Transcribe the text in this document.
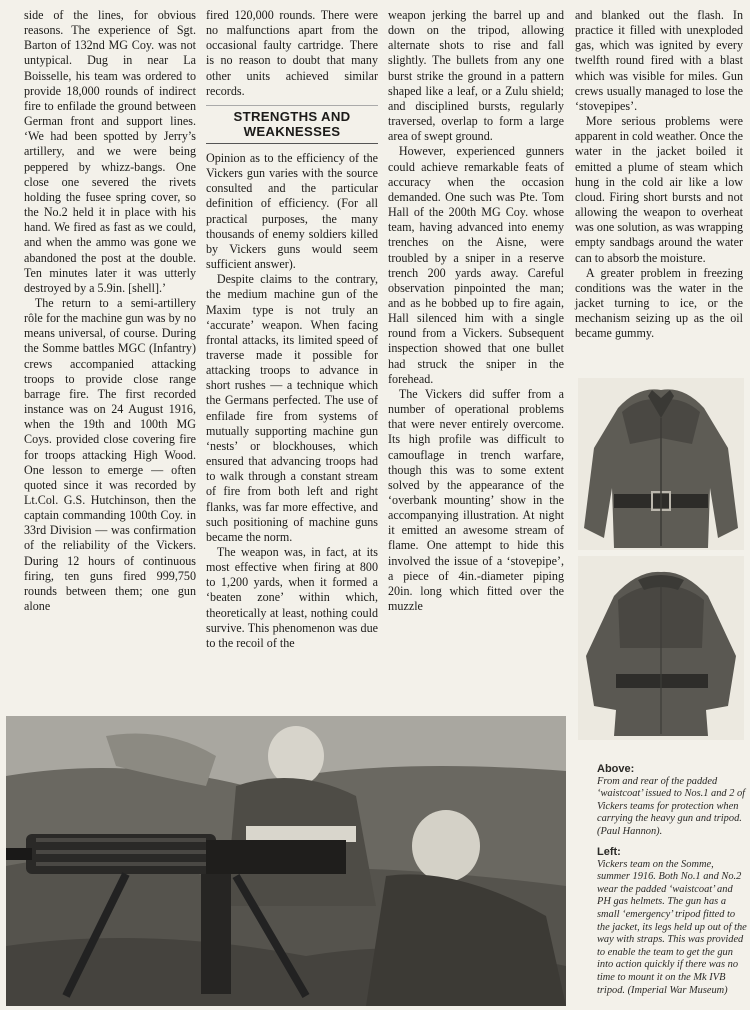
side of the lines, for obvious reasons. The experience of Sgt. Barton of 132nd MG Coy. was not untypical. Dug in near La Boisselle, his team was ordered to provide 18,000 rounds of indirect fire to enfilade the ground between German front and support lines. ‘We had been spotted by Jerry’s artillery, and we were being peppered by whizz-bangs. One close one severed the rivets holding the fusee spring cover, so the No.2 held it in place with his hand. We fired as fast as we could, and when the ammo was gone we abandoned the post at the double. Ten minutes later it was utterly destroyed by a 5.9in. [shell].’

The return to a semi-artillery rôle for the machine gun was by no means universal, of course. During the Somme battles MGC (Infantry) crews accompanied attacking troops to provide close range barrage fire. The first recorded instance was on 24 August 1916, when the 19th and 100th MG Coys. provided close covering fire for troops attacking High Wood. One lesson to emerge — often quoted since it was recorded by Lt.Col. G.S. Hutchinson, then the captain commanding 100th Coy. in 33rd Division — was confirmation of the reliability of the Vickers. During 12 hours of continuous firing, ten guns fired 999,750 rounds between them; one gun alone

fired 120,000 rounds. There were no malfunctions apart from the occasional faulty cartridge. There is no reason to doubt that many other units achieved similar records.

STRENGTHS AND WEAKNESSES

Opinion as to the efficiency of the Vickers gun varies with the source consulted and the particular definition of efficiency. (For all practical purposes, the many thousands of enemy soldiers killed by Vickers guns would seem sufficient answer).

Despite claims to the contrary, the medium machine gun of the Maxim type is not truly an ‘accurate’ weapon. When facing frontal attacks, its limited speed of traverse made it possible for attacking troops to advance in short rushes — a technique which the Germans perfected. The use of enfilade fire from systems of mutually supporting machine gun ‘nests’ or blockhouses, which ensured that advancing troops had to walk through a constant stream of fire from both left and right flanks, was far more effective, and such positioning of machine guns became the norm.

The weapon was, in fact, at its most effective when firing at 800 to 1,200 yards, when it formed a ‘beaten zone’ within which, theoretically at least, nothing could survive. This phenomenon was due to the recoil of the

weapon jerking the barrel up and down on the tripod, allowing alternate shots to rise and fall slightly. The bullets from any one burst strike the ground in a pattern shaped like a leaf, or a Zulu shield; and disciplined bursts, regularly traversed, overlap to form a large area of swept ground.

However, experienced gunners could achieve remarkable feats of accuracy when the occasion demanded. One such was Pte. Tom Hall of the 200th MG Coy. whose team, having advanced into enemy trenches on the Aisne, were troubled by a sniper in a reserve trench 200 yards away. Careful observation pinpointed the man; and as he bobbed up to fire again, Hall silenced him with a single round from a Vickers. Subsequent inspection showed that one bullet had struck the sniper in the forehead.

The Vickers did suffer from a number of operational problems that were never entirely overcome. Its high profile was difficult to camouflage in trench warfare, though this was to some extent solved by the appearance of the ‘overbank mounting’ show in the accompanying illustration. At night it emitted an awesome stream of flame. One attempt to hide this involved the issue of a ‘stovepipe’, a piece of 4in.-diameter piping 20in. long which fitted over the muzzle

and blanked out the flash. In practice it filled with unexploded gas, which was ignited by every twelfth round fired with a blast which was visible for miles. Gun crews usually managed to lose the ‘stovepipes’.

More serious problems were apparent in cold weather. Once the water in the jacket boiled it emitted a plume of steam which hung in the cold air like a low cloud. Firing short bursts and not allowing the weapon to overheat was one solution, as was wrapping empty sandbags around the water can to absorb the moisture.

A greater problem in freezing conditions was the water in the jacket turning to ice, or the mechanism seizing up as the oil became gummy.

Above:
From and rear of the padded ‘waistcoat’ issued to Nos.1 and 2 of Vickers teams for protection when carrying the heavy gun and tripod. (Paul Hannon).
Left:
Vickers team on the Somme, summer 1916. Both No.1 and No.2 wear the padded ‘waistcoat’ and PH gas helmets. The gun has a small ‘emergency’ tripod fitted to the jacket, its legs held up out of the way with straps. This was provided to enable the team to get the gun into action quickly if there was no time to mount it on the Mk IVB tripod. (Imperial War Museum)
